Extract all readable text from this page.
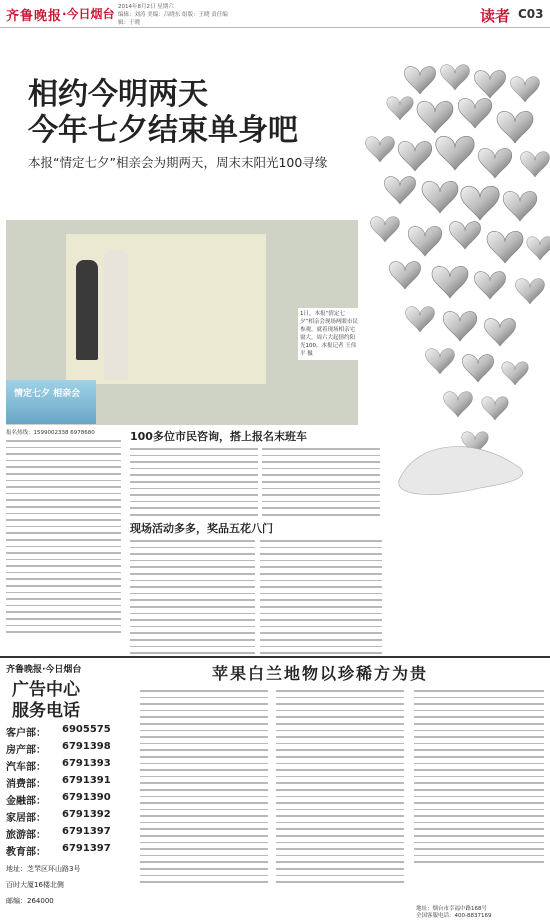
齐鲁晚报 ·今日烟台 2014年8月2日 星期六
编辑：刘涛 美编：吕晓东 组版：王晓 责任编辑：于晓	读者 C03
相约今明两天
今年七夕结束单身吧
本报“情定七夕”相亲会为期两天，周末末阳光100寻缘
1日，本报“情定七夕”相亲会现场两眼市民参观。就着现场相亲宅窗大。周六大起情约阳光100。本报记者 王伟平 摄
情定七夕 相亲会
报名热线：1599002338 6978680	100多位市民咨询，搭上报名末班车
现场活动多多，奖品五花八门
齐鲁晚报·今日烟台
广告中心
服务电话
客户部： 6905575
房产部： 6791398
汽车部： 6791393
消费部： 6791391
金融部： 6791390
家居部： 6791392
旅游部： 6791397
教育部： 6791397
地址：芝罘区环山路3号
百时大厦16楼北侧
邮编：264000
苹果白兰地物以珍稀方为贵
地址：烟台市幸福中路168号
全国客服电话：400-8837169
